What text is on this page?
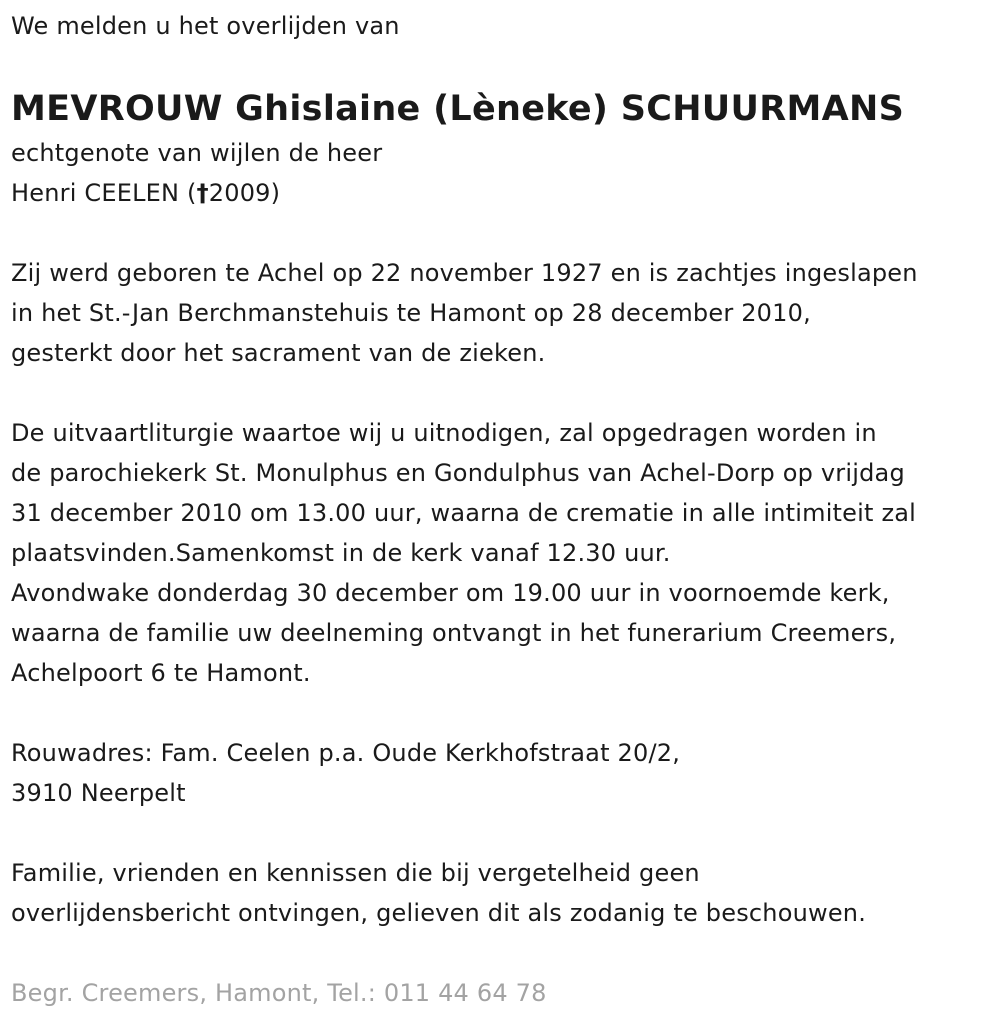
We melden u het overlijden van
MEVROUW Ghislaine (Lèneke) SCHUURMANS
echtgenote van wijlen de heer
Henri CEELEN (†2009)
Zij werd geboren te Achel op 22 november 1927 en is zachtjes ingeslapen
in het St.-Jan Berchmanstehuis te Hamont op 28 december 2010,
gesterkt door het sacrament van de zieken.
De uitvaartliturgie waartoe wij u uitnodigen, zal opgedragen worden in
de parochiekerk St. Monulphus en Gondulphus van Achel-Dorp op vrijdag
31 december 2010 om 13.00 uur, waarna de crematie in alle intimiteit zal
plaatsvinden.Samenkomst in de kerk vanaf 12.30 uur.
Avondwake donderdag 30 december om 19.00 uur in voornoemde kerk,
waarna de familie uw deelneming ontvangt in het funerarium Creemers,
Achelpoort 6 te Hamont.
Rouwadres: Fam. Ceelen p.a. Oude Kerkhofstraat 20/2,
3910 Neerpelt
Familie, vrienden en kennissen die bij vergetelheid geen
overlijdensbericht ontvingen, gelieven dit als zodanig te beschouwen.
Begr. Creemers, Hamont, Tel.: 011 44 64 78
